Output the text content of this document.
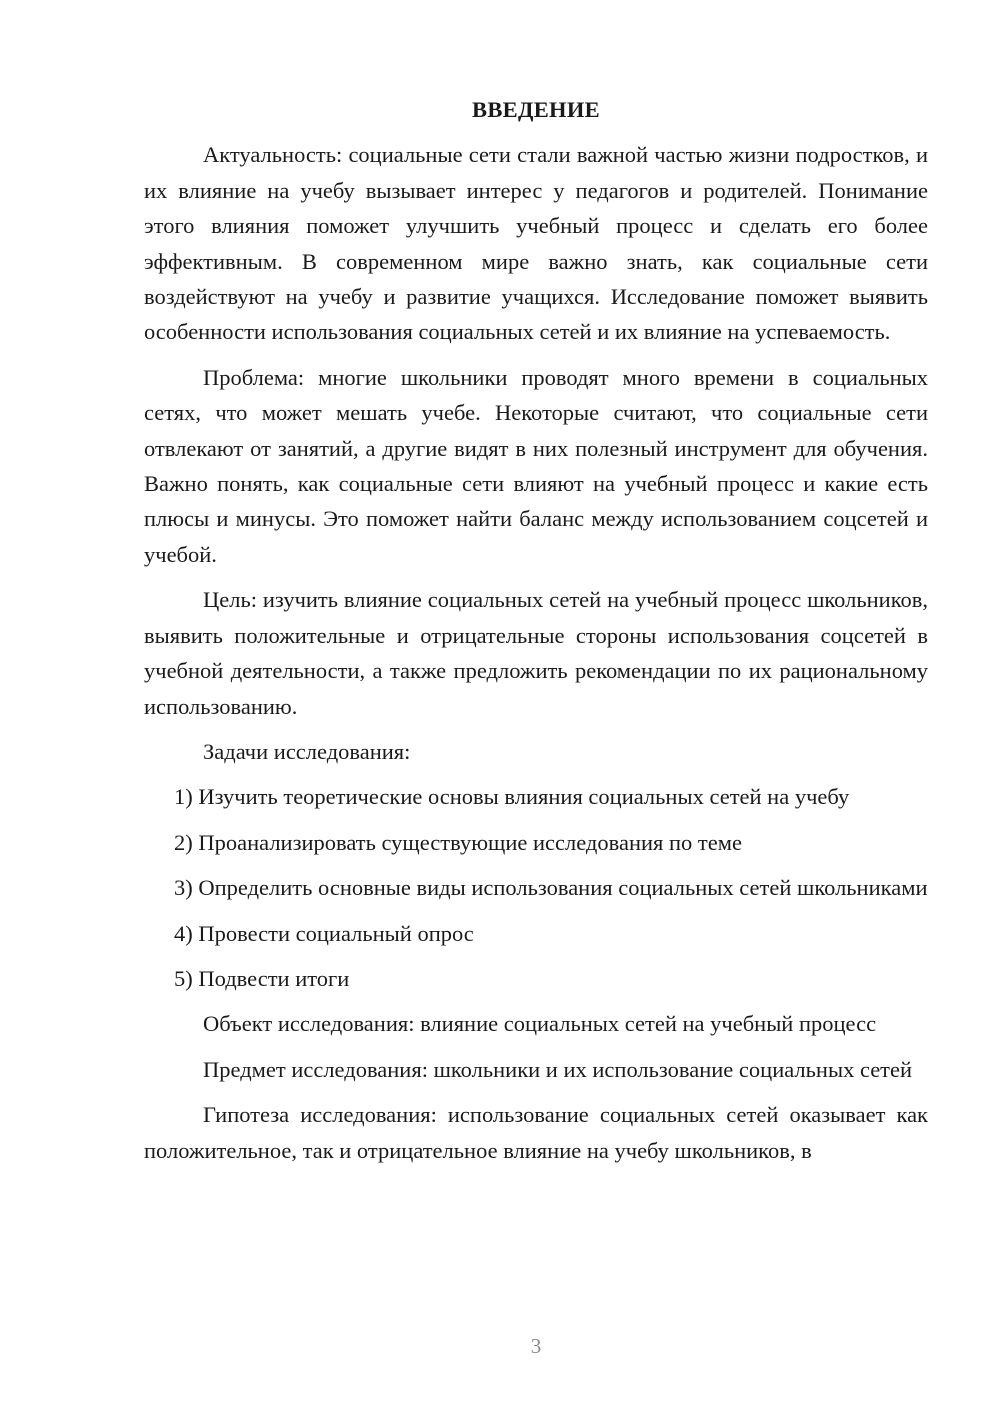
ВВЕДЕНИЕ

Актуальность: социальные сети стали важной частью жизни подростков, и их влияние на учебу вызывает интерес у педагогов и родителей. Понимание этого влияния поможет улучшить учебный процесс и сделать его более эффективным. В современном мире важно знать, как социальные сети воздействуют на учебу и развитие учащихся. Исследование поможет выявить особенности использования социальных сетей и их влияние на успеваемость.

Проблема: многие школьники проводят много времени в социальных сетях, что может мешать учебе. Некоторые считают, что социальные сети отвлекают от занятий, а другие видят в них полезный инструмент для обучения. Важно понять, как социальные сети влияют на учебный процесс и какие есть плюсы и минусы. Это поможет найти баланс между использованием соцсетей и учебой.

Цель: изучить влияние социальных сетей на учебный процесс школьников, выявить положительные и отрицательные стороны использования соцсетей в учебной деятельности, а также предложить рекомендации по их рациональному использованию.

Задачи исследования:

1) Изучить теоретические основы влияния социальных сетей на учебу

2) Проанализировать существующие исследования по теме

3) Определить основные виды использования социальных сетей школьниками

4) Провести социальный опрос

5) Подвести итоги

Объект исследования: влияние социальных сетей на учебный процесс

Предмет исследования: школьники и их использование социальных сетей

Гипотеза исследования: использование социальных сетей оказывает как положительное, так и отрицательное влияние на учебу школьников, в

3
